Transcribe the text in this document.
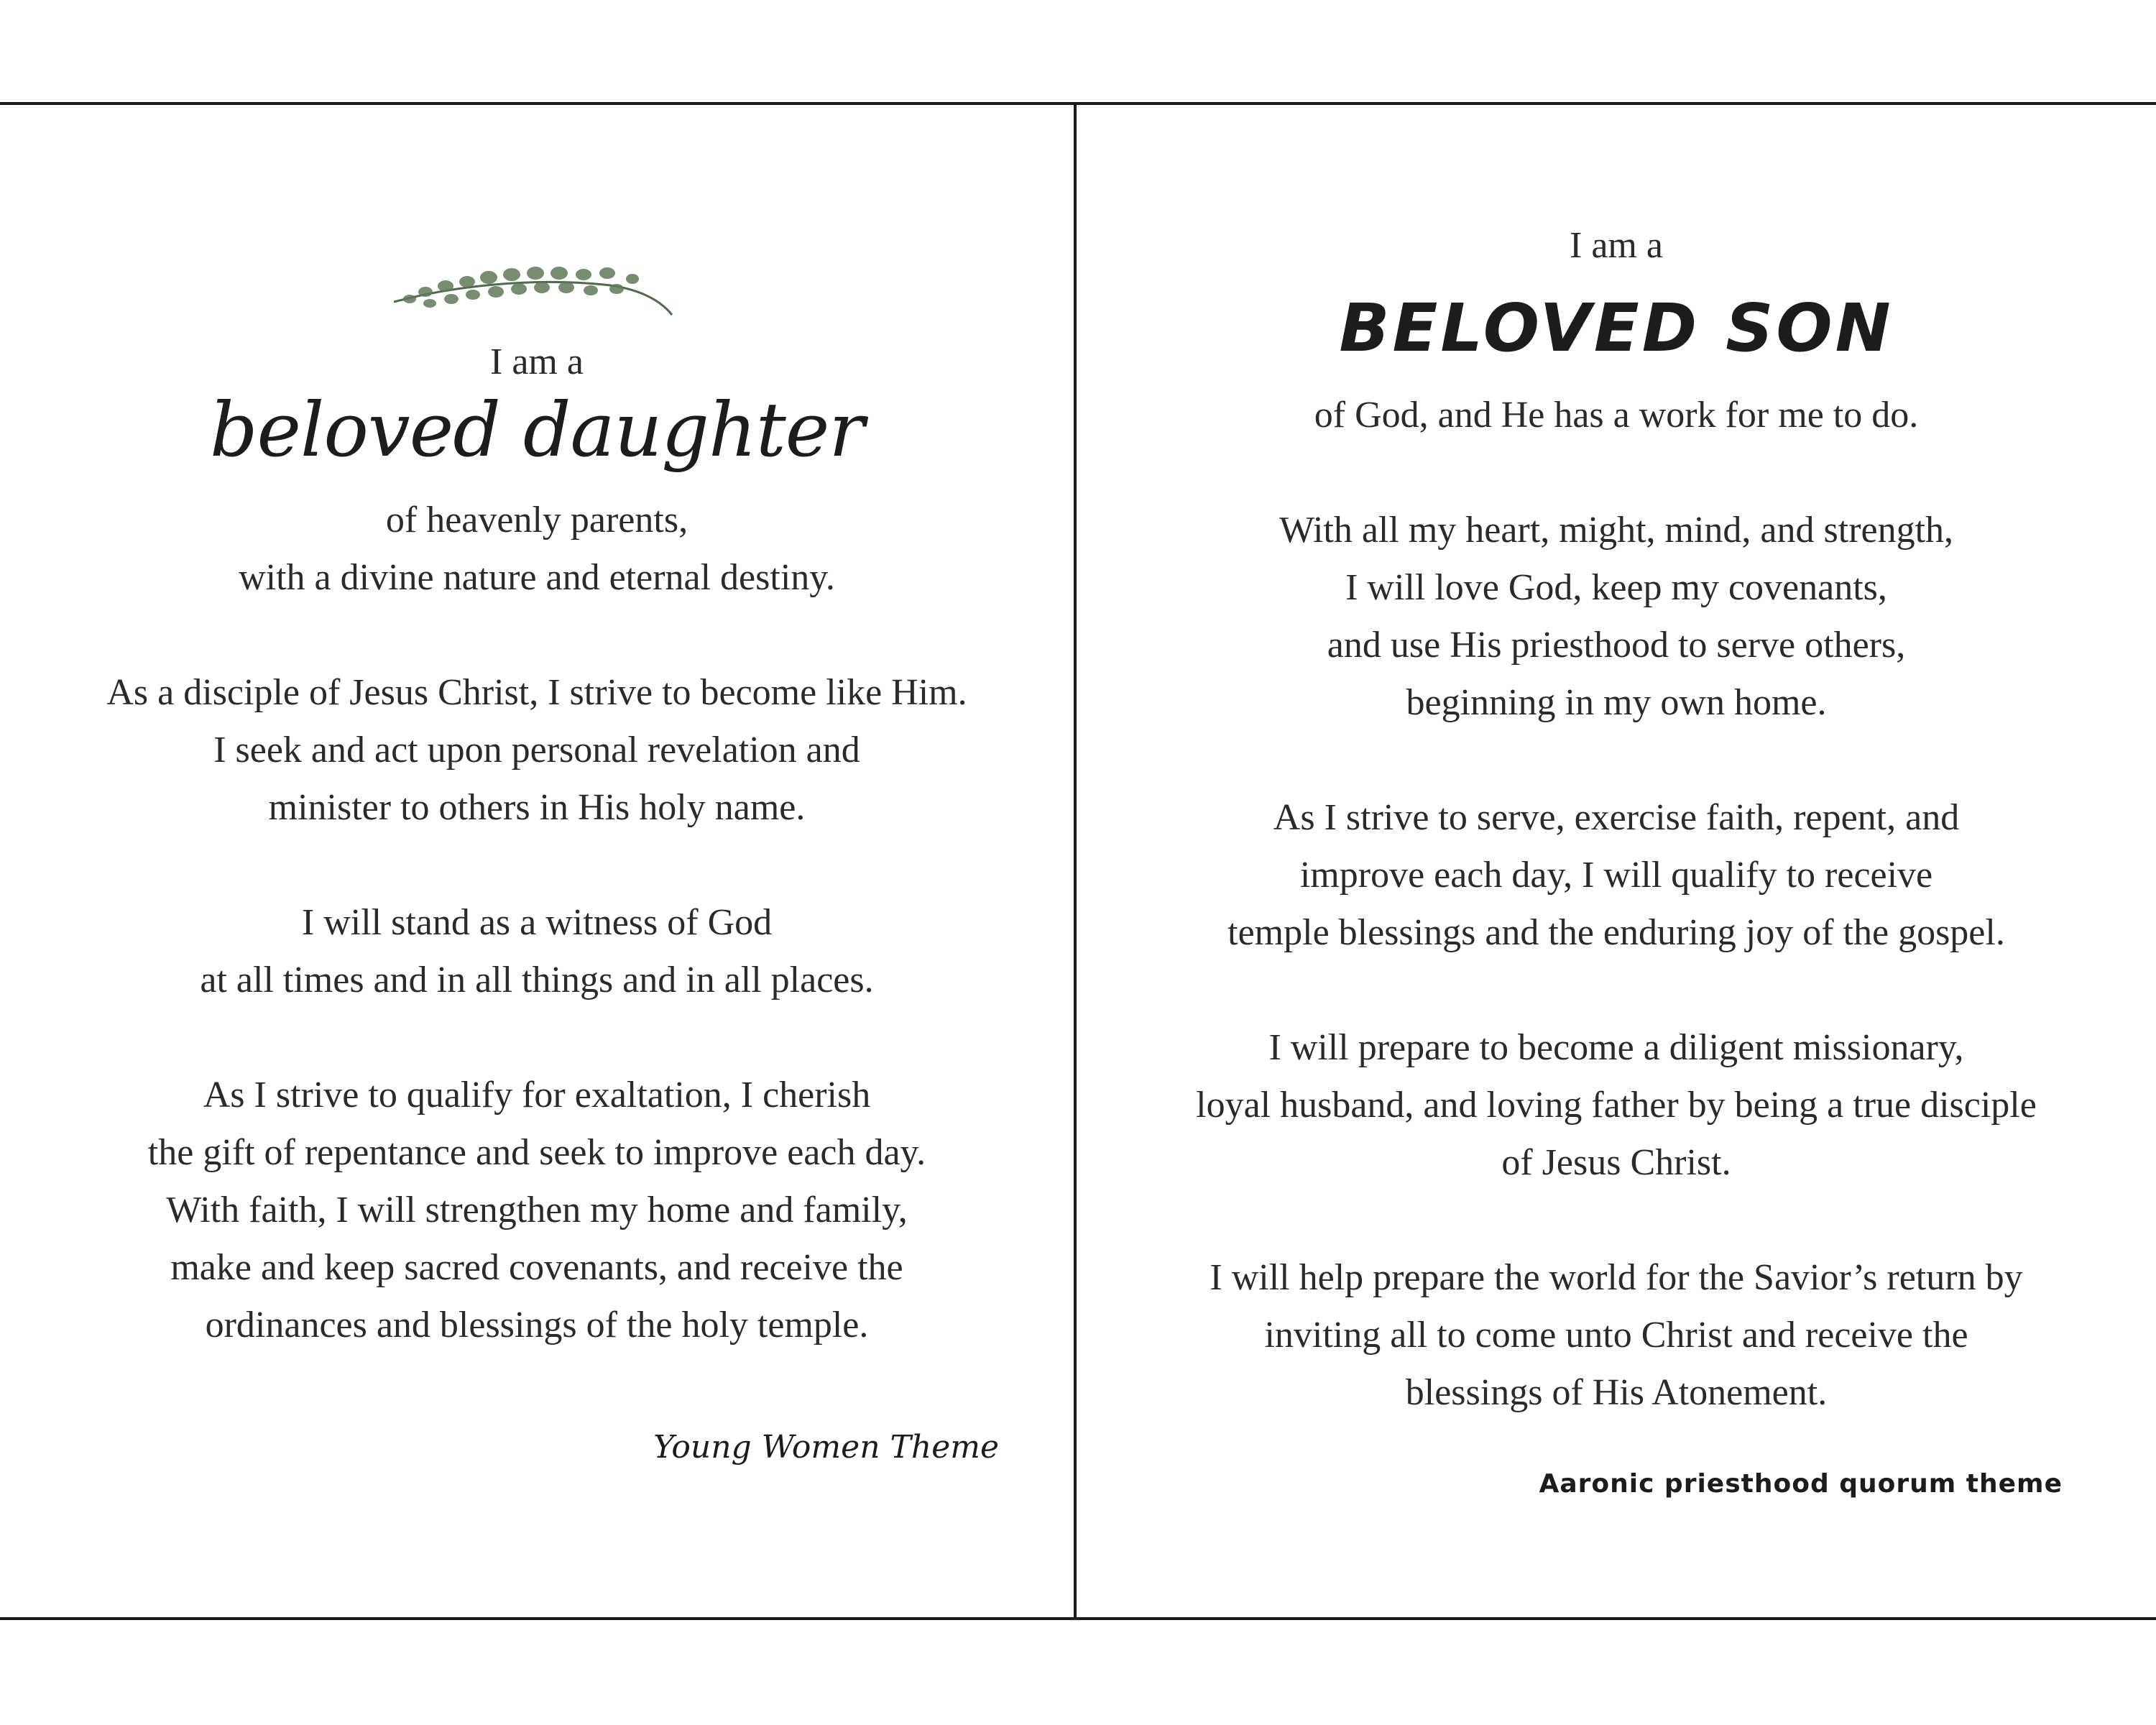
I am a
beloved daughter
of heavenly parents,
with a divine nature and eternal destiny.
As a disciple of Jesus Christ, I strive to become like Him.
I seek and act upon personal revelation and
minister to others in His holy name.
I will stand as a witness of God
at all times and in all things and in all places.
As I strive to qualify for exaltation, I cherish
the gift of repentance and seek to improve each day.
With faith, I will strengthen my home and family,
make and keep sacred covenants, and receive the
ordinances and blessings of the holy temple.
Young Women Theme
I am a
BELOVED SON
of God, and He has a work for me to do.
With all my heart, might, mind, and strength,
I will love God, keep my covenants,
and use His priesthood to serve others,
beginning in my own home.
As I strive to serve, exercise faith, repent, and
improve each day, I will qualify to receive
temple blessings and the enduring joy of the gospel.
I will prepare to become a diligent missionary,
loyal husband, and loving father by being a true disciple
of Jesus Christ.
I will help prepare the world for the Savior’s return by
inviting all to come unto Christ and receive the
blessings of His Atonement.
Aaronic priesthood quorum theme
